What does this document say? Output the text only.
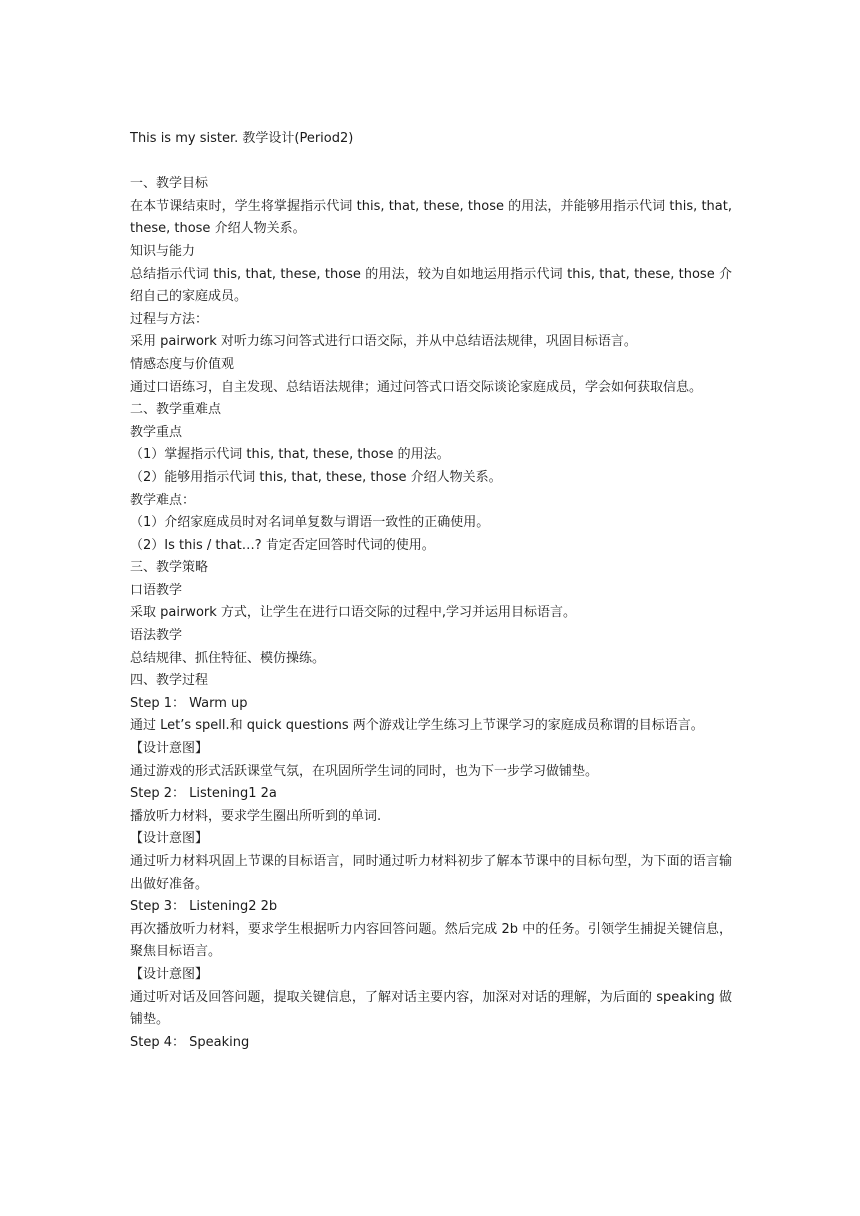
This is my sister. 教学设计(Period2)

一、教学目标

在本节课结束时，学生将掌握指示代词 this, that, these, those 的用法，并能够用指示代词 this, that, these, those 介绍人物关系。

知识与能力

总结指示代词 this, that, these, those 的用法，较为自如地运用指示代词 this, that, these, those 介绍自己的家庭成员。

过程与方法：

采用 pairwork 对听力练习问答式进行口语交际，并从中总结语法规律，巩固目标语言。

情感态度与价值观

通过口语练习，自主发现、总结语法规律；通过问答式口语交际谈论家庭成员，学会如何获取信息。

二、教学重难点

教学重点

（1）掌握指示代词 this, that, these, those 的用法。

（2）能够用指示代词 this, that, these, those 介绍人物关系。

教学难点：

（1）介绍家庭成员时对名词单复数与谓语一致性的正确使用。

（2）Is this / that…? 肯定否定回答时代词的使用。

三、教学策略

口语教学

采取 pairwork 方式，让学生在进行口语交际的过程中,学习并运用目标语言。

语法教学

总结规律、抓住特征、模仿操练。

四、教学过程

Step 1： Warm up

通过 Let’s spell.和 quick questions 两个游戏让学生练习上节课学习的家庭成员称谓的目标语言。

【设计意图】

通过游戏的形式活跃课堂气氛，在巩固所学生词的同时，也为下一步学习做铺垫。

Step 2： Listening1 2a

播放听力材料，要求学生圈出所听到的单词.

【设计意图】

通过听力材料巩固上节课的目标语言，同时通过听力材料初步了解本节课中的目标句型，为下面的语言输出做好准备。

Step 3： Listening2 2b

再次播放听力材料，要求学生根据听力内容回答问题。然后完成 2b 中的任务。引领学生捕捉关键信息，聚焦目标语言。

【设计意图】

通过听对话及回答问题，提取关键信息，了解对话主要内容，加深对对话的理解，为后面的 speaking 做铺垫。

Step 4： Speaking
